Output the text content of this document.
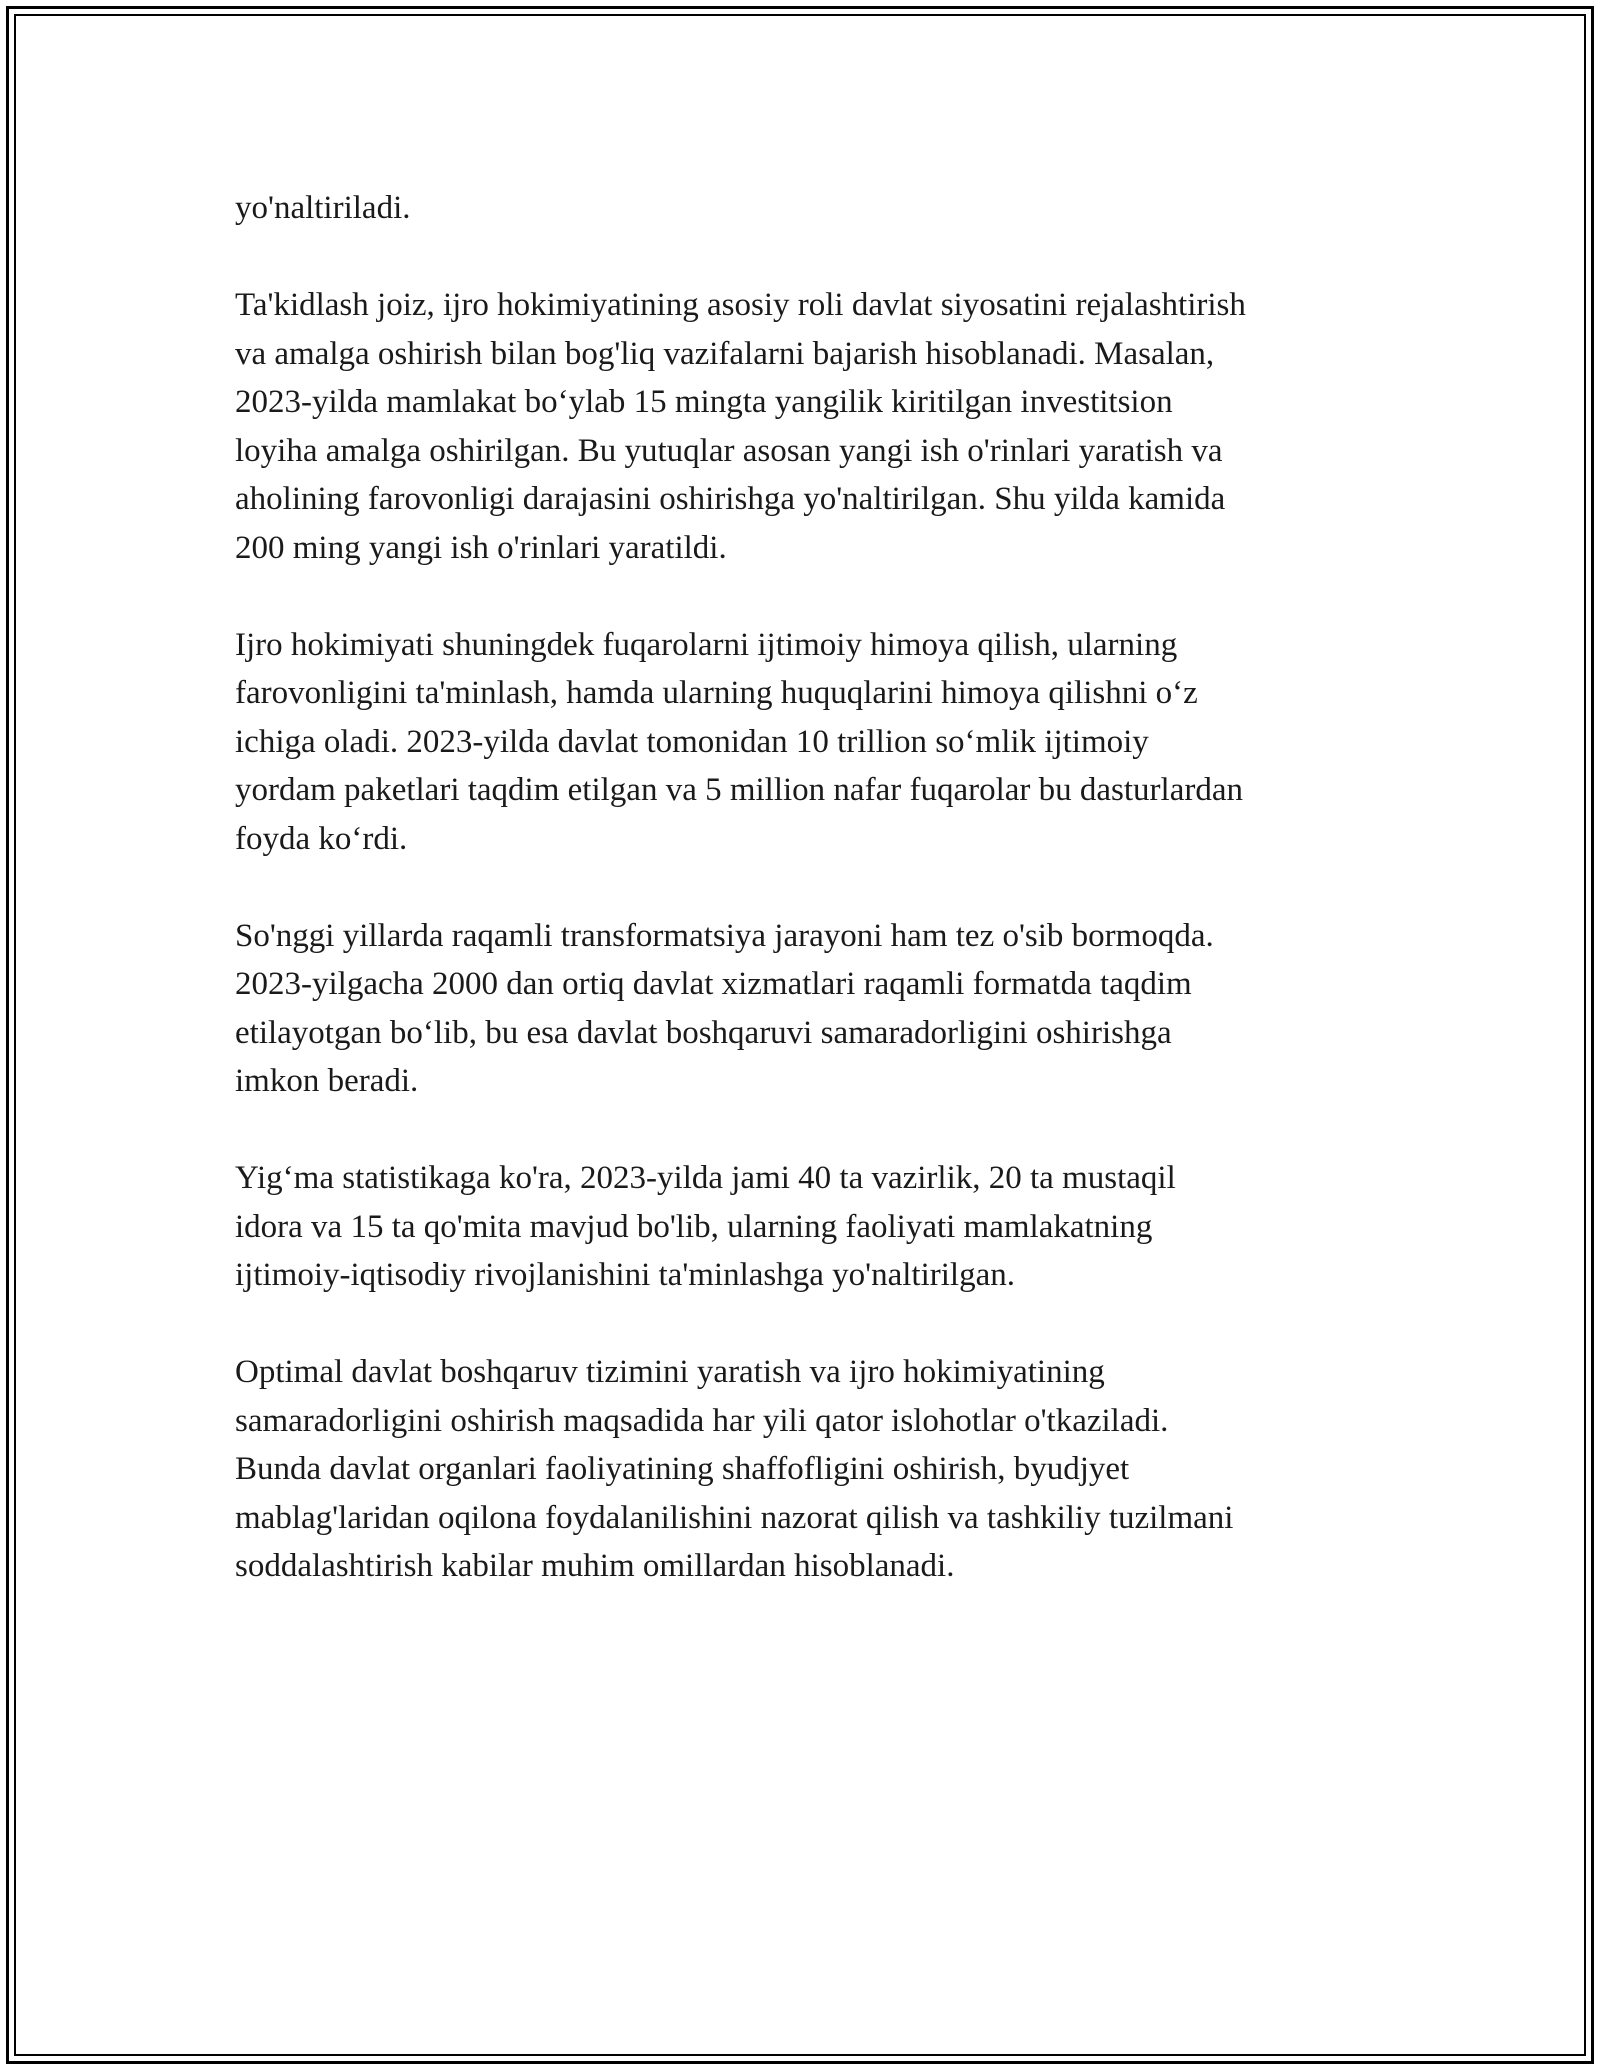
yo'naltiriladi.

Ta'kidlash joiz, ijro hokimiyatining asosiy roli davlat siyosatini rejalashtirish
va amalga oshirish bilan bog'liq vazifalarni bajarish hisoblanadi. Masalan,
2023-yilda mamlakat bo‘ylab 15 mingta yangilik kiritilgan investitsion
loyiha amalga oshirilgan. Bu yutuqlar asosan yangi ish o'rinlari yaratish va
aholining farovonligi darajasini oshirishga yo'naltirilgan. Shu yilda kamida
200 ming yangi ish o'rinlari yaratildi.

Ijro hokimiyati shuningdek fuqarolarni ijtimoiy himoya qilish, ularning
farovonligini ta'minlash, hamda ularning huquqlarini himoya qilishni o‘z
ichiga oladi. 2023-yilda davlat tomonidan 10 trillion so‘mlik ijtimoiy
yordam paketlari taqdim etilgan va 5 million nafar fuqarolar bu dasturlardan
foyda ko‘rdi.

So'nggi yillarda raqamli transformatsiya jarayoni ham tez o'sib bormoqda.
2023-yilgacha 2000 dan ortiq davlat xizmatlari raqamli formatda taqdim
etilayotgan bo‘lib, bu esa davlat boshqaruvi samaradorligini oshirishga
imkon beradi.

Yig‘ma statistikaga ko'ra, 2023-yilda jami 40 ta vazirlik, 20 ta mustaqil
idora va 15 ta qo'mita mavjud bo'lib, ularning faoliyati mamlakatning
ijtimoiy-iqtisodiy rivojlanishini ta'minlashga yo'naltirilgan.

Optimal davlat boshqaruv tizimini yaratish va ijro hokimiyatining
samaradorligini oshirish maqsadida har yili qator islohotlar o'tkaziladi.
Bunda davlat organlari faoliyatining shaffofligini oshirish, byudjyet
mablag'laridan oqilona foydalanilishini nazorat qilish va tashkiliy tuzilmani
soddalashtirish kabilar muhim omillardan hisoblanadi.
